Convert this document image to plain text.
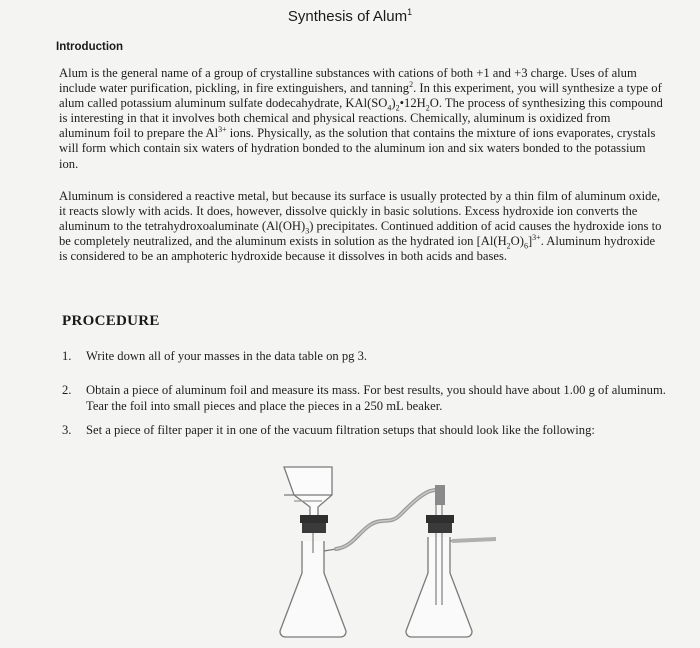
Synthesis of Alum$^1$
Introduction

Alum is the general name of a group of crystalline substances with cations of both +1 and +3 charge. Uses of alum include water purification, pickling, in fire extinguishers, and tanning$^2$. In this experiment, you will synthesize a type of alum called potassium aluminum sulfate dodecahydrate, $KAl(SO_4)_2•12H_2O$. The process of synthesizing this compound is interesting in that it involves both chemical and physical reactions. Chemically, aluminum is oxidized from aluminum foil to prepare the $Al^{3+}$ ions. Physically, as the solution that contains the mixture of ions evaporates, crystals will form which contain six waters of hydration bonded to the aluminum ion and six waters bonded to the potassium ion.

Aluminum is considered a reactive metal, but because its surface is usually protected by a thin film of aluminum oxide, it reacts slowly with acids. It does, however, dissolve quickly in basic solutions. Excess hydroxide ion converts the aluminum to the tetrahydroxoaluminate $(Al(OH)_3)$ precipitates. Continued addition of acid causes the hydroxide ions to be completely neutralized, and the aluminum exists in solution as the hydrated ion $[Al(H_2O)_6]^{3+}$. Aluminum hydroxide is considered to be an amphoteric hydroxide because it dissolves in both acids and bases.

PROCEDURE
1.	Write down all of your masses in the data table on pg 3.
2.	Obtain a piece of aluminum foil and measure its mass. For best results, you should have about 1.00 g of aluminum. Tear the foil into small pieces and place the pieces in a 250 mL beaker.
3.	Set a piece of filter paper it in one of the vacuum filtration setups that should look like the following:
